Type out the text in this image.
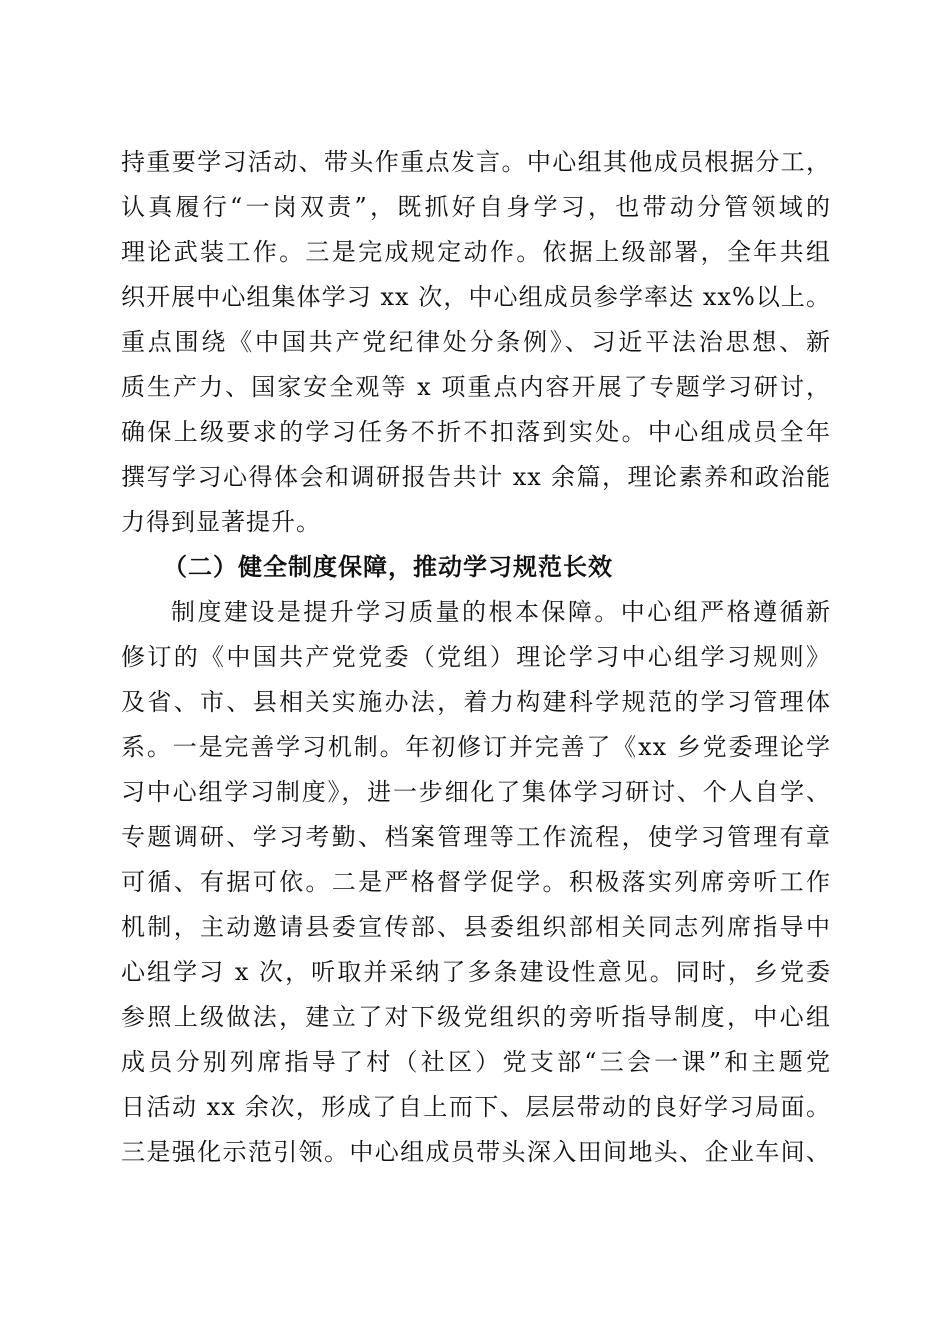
持重要学习活动、带头作重点发言。中心组其他成员根据分工，
认真履行“一岗双责”，既抓好自身学习，也带动分管领域的
理论武装工作。三是完成规定动作。依据上级部署，全年共组
织开展中心组集体学习 xx 次，中心组成员参学率达 xx%以上。
重点围绕《中国共产党纪律处分条例》、习近平法治思想、新
质生产力、国家安全观等 x 项重点内容开展了专题学习研讨，
确保上级要求的学习任务不折不扣落到实处。中心组成员全年
撰写学习心得体会和调研报告共计 xx 余篇，理论素养和政治能
力得到显著提升。
（二）健全制度保障，推动学习规范长效
制度建设是提升学习质量的根本保障。中心组严格遵循新
修订的《中国共产党党委（党组）理论学习中心组学习规则》
及省、市、县相关实施办法，着力构建科学规范的学习管理体
系。一是完善学习机制。年初修订并完善了《xx 乡党委理论学
习中心组学习制度》，进一步细化了集体学习研讨、个人自学、
专题调研、学习考勤、档案管理等工作流程，使学习管理有章
可循、有据可依。二是严格督学促学。积极落实列席旁听工作
机制，主动邀请县委宣传部、县委组织部相关同志列席指导中
心组学习 x 次，听取并采纳了多条建设性意见。同时，乡党委
参照上级做法，建立了对下级党组织的旁听指导制度，中心组
成员分别列席指导了村（社区）党支部“三会一课”和主题党
日活动 xx 余次，形成了自上而下、层层带动的良好学习局面。
三是强化示范引领。中心组成员带头深入田间地头、企业车间、
